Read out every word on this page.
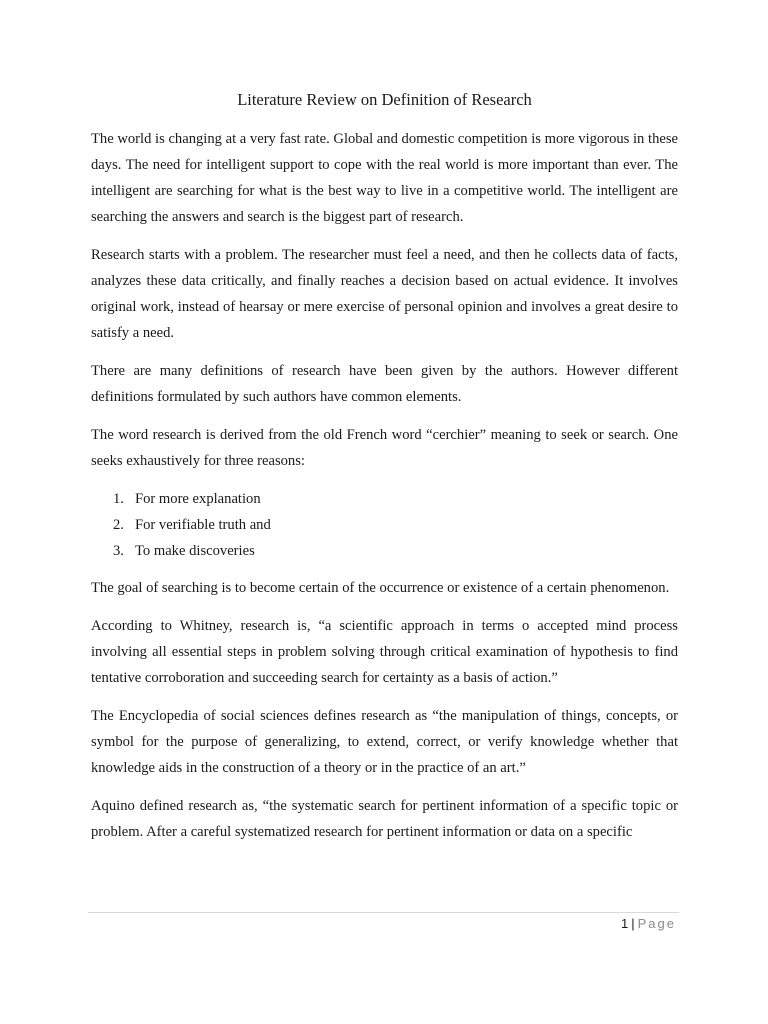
Literature Review on Definition of Research

The world is changing at a very fast rate. Global and domestic competition is more vigorous in these days. The need for intelligent support to cope with the real world is more important than ever. The intelligent are searching for what is the best way to live in a competitive world. The intelligent are searching the answers and search is the biggest part of research.

Research starts with a problem. The researcher must feel a need, and then he collects data of facts, analyzes these data critically, and finally reaches a decision based on actual evidence. It involves original work, instead of hearsay or mere exercise of personal opinion and involves a great desire to satisfy a need.

There are many definitions of research have been given by the authors. However different definitions formulated by such authors have common elements.

The word research is derived from the old French word “cerchier” meaning to seek or search. One seeks exhaustively for three reasons:

1. For more explanation
2. For verifiable truth and
3. To make discoveries

The goal of searching is to become certain of the occurrence or existence of a certain phenomenon.

According to Whitney, research is, “a scientific approach in terms o accepted mind process involving all essential steps in problem solving through critical examination of hypothesis to find tentative corroboration and succeeding search for certainty as a basis of action.”

The Encyclopedia of social sciences defines research as “the manipulation of things, concepts, or symbol for the purpose of generalizing, to extend, correct, or verify knowledge whether that knowledge aids in the construction of a theory or in the practice of an art.”

Aquino defined research as, “the systematic search for pertinent information of a specific topic or problem. After a careful systematized research for pertinent information or data on a specific

1 | Page
